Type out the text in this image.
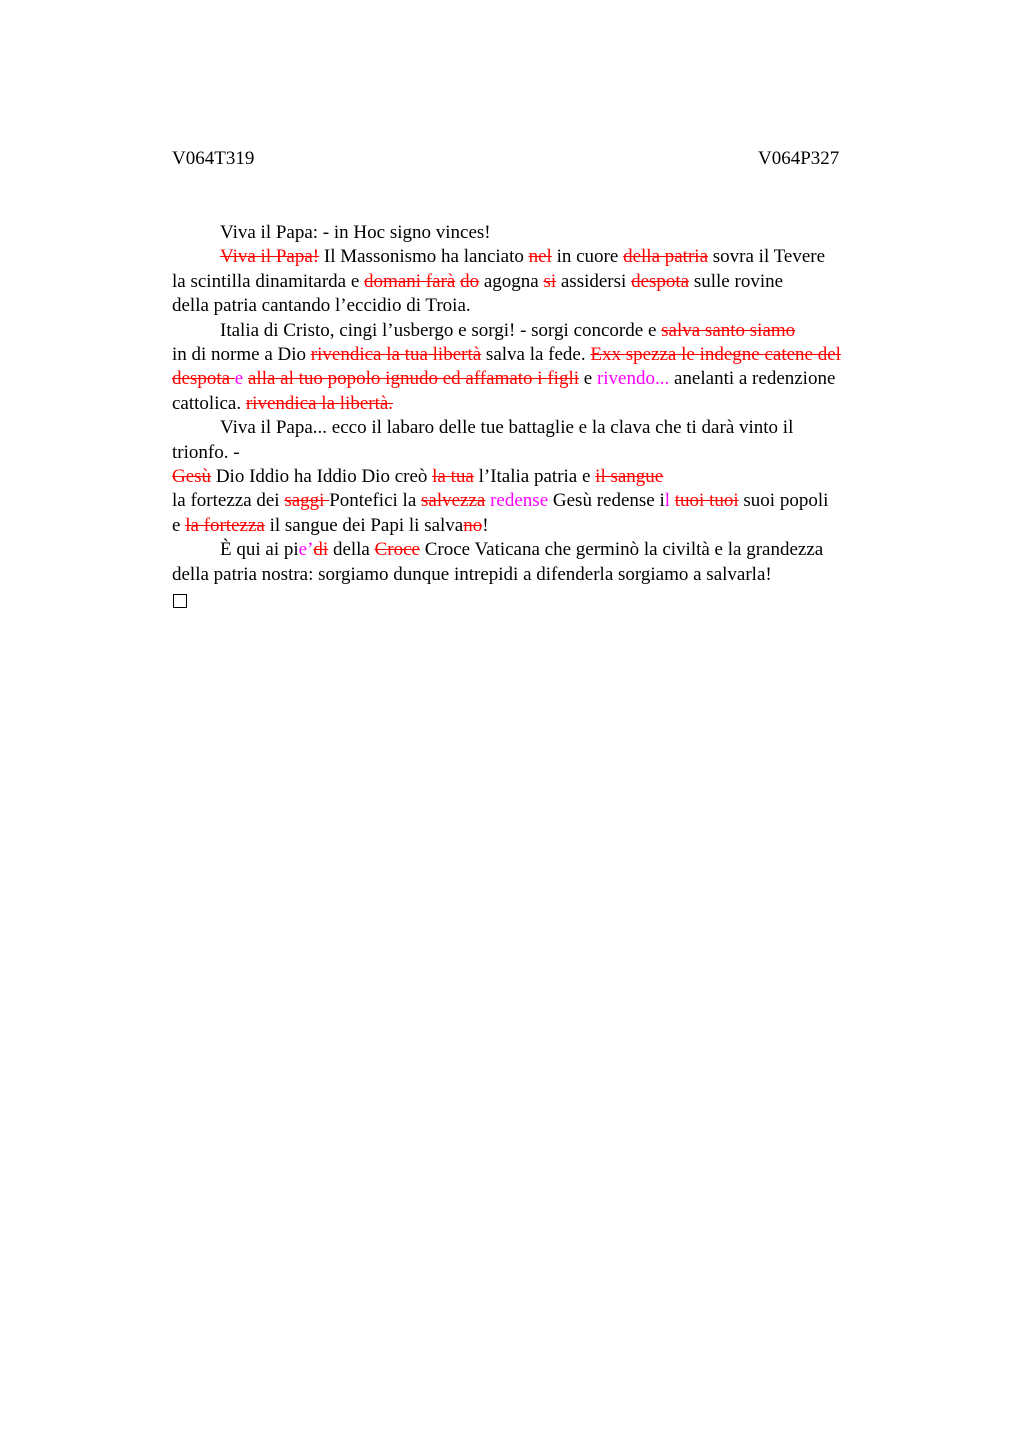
V064T319	V064P327
Viva il Papa: - in Hoc signo vinces!
Viva il Papa! Il Massonismo ha lanciato nel in cuore della patria sovra il Tevere
la scintilla dinamitarda e domani farà do agogna si assidersi despota sulle rovine
della patria cantando l’eccidio di Troia.
Italia di Cristo, cingi l’usbergo e sorgi! - sorgi concorde e salva santo siamo
in di norme a Dio rivendica la tua libertà salva la fede. Exx spezza le indegne catene del
despota e alla al tuo popolo ignudo ed affamato i figli e rivendo... anelanti a redenzione
cattolica. rivendica la libertà.
Viva il Papa... ecco il labaro delle tue battaglie e la clava che ti darà vinto il
trionfo. -
Gesù Dio Iddio ha Iddio Dio creò la tua l’Italia patria e il sangue
la fortezza dei saggi Pontefici la salvezza redense Gesù redense il tuoi tuoi suoi popoli
e la fortezza il sangue dei Papi li salvano!
È qui ai pie’di della Croce Croce Vaticana che germinò la civiltà e la grandezza
della patria nostra: sorgiamo dunque intrepidi a difenderla sorgiamo a salvarla!
